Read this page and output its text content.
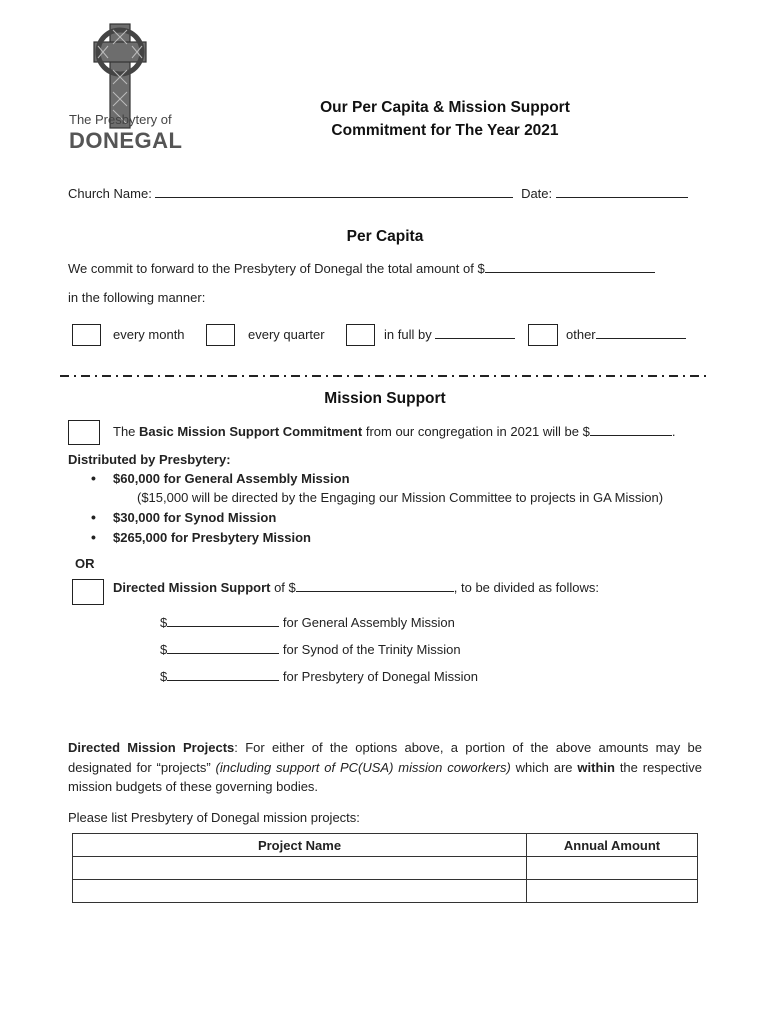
The Presbytery of
DONEGAL
Our Per Capita & Mission Support
Commitment for The Year 2021
Church Name:	Date:
Per Capita
We commit to forward to the Presbytery of Donegal the total amount of $
in the following manner:
every month	every quarter	in full by	other
Mission Support
The Basic Mission Support Commitment from our congregation in 2021 will be $	.
Distributed by Presbytery:
• $60,000 for General Assembly Mission
($15,000 will be directed by the Engaging our Mission Committee to projects in GA Mission)
• $30,000 for Synod Mission
• $265,000 for Presbytery Mission
OR
Directed Mission Support of $	, to be divided as follows:
$	for General Assembly Mission
$	for Synod of the Trinity Mission
$	for Presbytery of Donegal Mission
Directed Mission Projects: For either of the options above, a portion of the above amounts may be designated for “projects” (including support of PC(USA) mission coworkers) which are within the respective mission budgets of these governing bodies.
Please list Presbytery of Donegal mission projects:
Project Name	Annual Amount
